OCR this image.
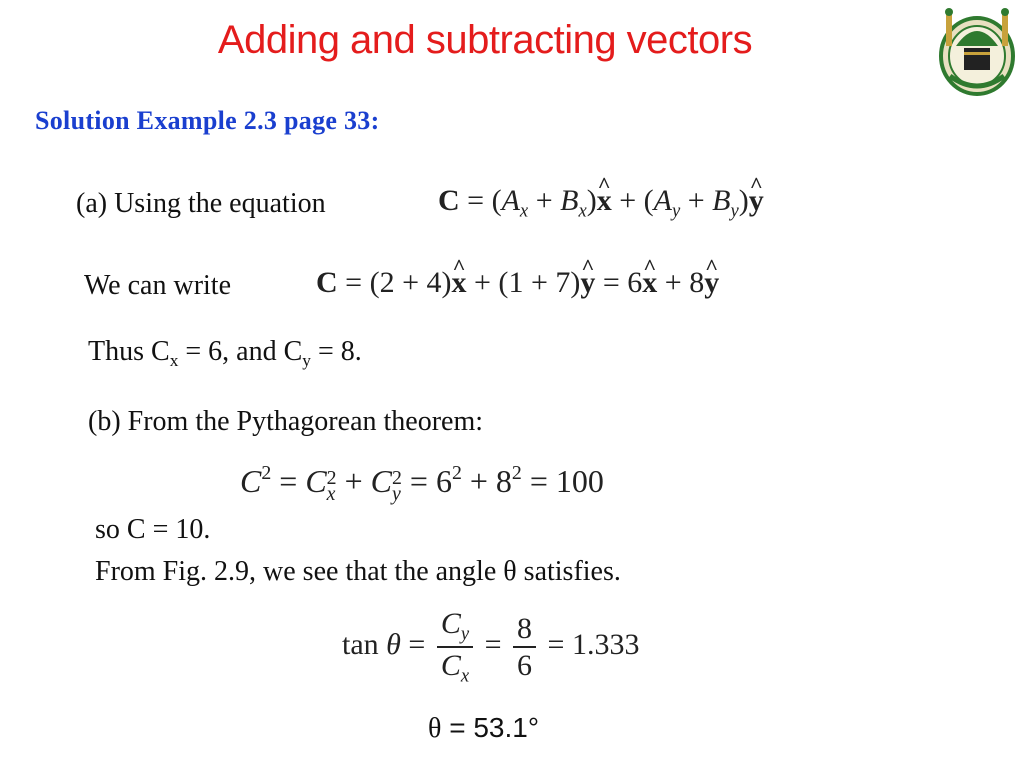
Adding and subtracting vectors
Solution Example 2.3 page 33:
(a) Using the equation	$C = (A_x$ + $B_x)\^{}$ $x + (A_y$ + $B_y)\^{}$ y
We can write	C = (2 + 4)^ x + (1 + 7)^ y = 6^ x + 8^ y
Thus $C_x = 6$, and $C_y = 8$.
(b) From the Pythagorean theorem:
$C^2 = C$ 2
x + C 2
$y = 6^2 + 8^2 = 100$
so C = 10.
From Fig. 2.9, we see that the angle θ satisfies.
$\tan \theta = \frac{C_y}{C_x} = \frac{8}{6} = 1.333$
θ = 53.1°
